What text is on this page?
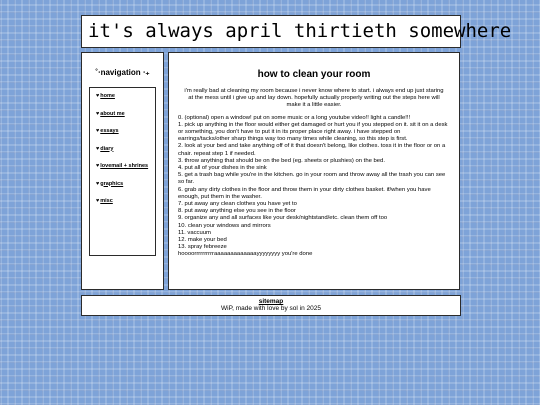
it's always april thirtieth somewhere
˚‧navigation ‧₊
♥home
♥about me
♥essays
♥diary
♥lovemail + shrines
♥graphics
♥misc
how to clean your room
i'm really bad at cleaning my room because i never know where to start. i always end up just staring at the mess until i give up and lay down. hopefully actually properly writing out the steps here will make it a little easier.
0. (optional) open a window! put on some music or a long youtube video!! light a candle!!!
1. pick up anything in the floor would either get damaged or hurt you if you stepped on it. sit it on a desk or something, you don't have to put it in its proper place right away. i have stepped on earrings/tacks/other sharp things way too many times while cleaning, so this step is first.
2. look at your bed and take anything off of it that doesn't belong, like clothes. toss it in the floor or on a chair. repeat step 1 if needed.
3. throw anything that should be on the bed (eg. sheets or plushies) on the bed.
4. put all of your dishes in the sink
5. get a trash bag while you're in the kitchen. go in your room and throw away all the trash you can see so far.
6. grab any dirty clothes in the floor and throw them in your dirty clothes basket. if/when you have enough, put them in the washer.
7. put away any clean clothes you have yet to
8. put away anything else you see in the floor
9. organize any and all surfaces like your desk/nightstand/etc. clean them off too
10. clean your windows and mirrors
11. vaccuum
12. make your bed
13. spray febreeze
hoooorrrrrrrrrraaaaaaaaaaaaayyyyyyyy you're done
sitemap
WiP, made with love by sol in 2025
